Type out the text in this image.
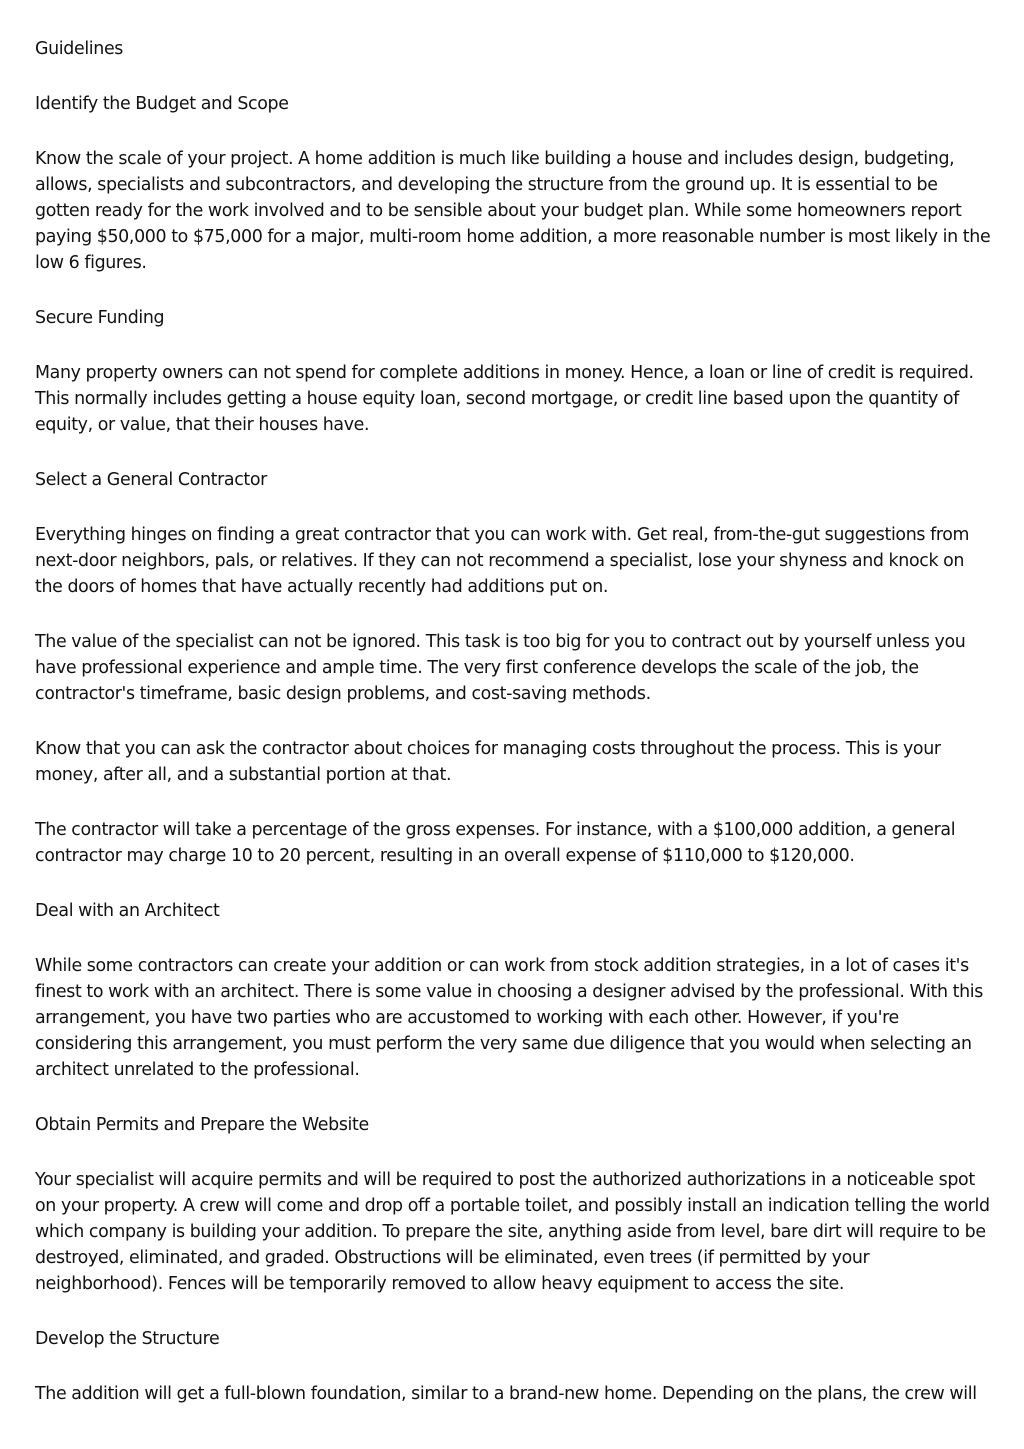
Guidelines

Identify the Budget and Scope

Know the scale of your project. A home addition is much like building a house and includes design, budgeting, allows, specialists and subcontractors, and developing the structure from the ground up. It is essential to be gotten ready for the work involved and to be sensible about your budget plan. While some homeowners report paying $50,000 to $75,000 for a major, multi-room home addition, a more reasonable number is most likely in the low 6 figures.

Secure Funding

Many property owners can not spend for complete additions in money. Hence, a loan or line of credit is required. This normally includes getting a house equity loan, second mortgage, or credit line based upon the quantity of equity, or value, that their houses have.

Select a General Contractor

Everything hinges on finding a great contractor that you can work with. Get real, from-the-gut suggestions from next-door neighbors, pals, or relatives. If they can not recommend a specialist, lose your shyness and knock on the doors of homes that have actually recently had additions put on.

The value of the specialist can not be ignored. This task is too big for you to contract out by yourself unless you have professional experience and ample time. The very first conference develops the scale of the job, the contractor's timeframe, basic design problems, and cost-saving methods.

Know that you can ask the contractor about choices for managing costs throughout the process. This is your money, after all, and a substantial portion at that.

The contractor will take a percentage of the gross expenses. For instance, with a $100,000 addition, a general contractor may charge 10 to 20 percent, resulting in an overall expense of $110,000 to $120,000.

Deal with an Architect

While some contractors can create your addition or can work from stock addition strategies, in a lot of cases it's finest to work with an architect. There is some value in choosing a designer advised by the professional. With this arrangement, you have two parties who are accustomed to working with each other. However, if you're considering this arrangement, you must perform the very same due diligence that you would when selecting an architect unrelated to the professional.

Obtain Permits and Prepare the Website

Your specialist will acquire permits and will be required to post the authorized authorizations in a noticeable spot on your property. A crew will come and drop off a portable toilet, and possibly install an indication telling the world which company is building your addition. To prepare the site, anything aside from level, bare dirt will require to be destroyed, eliminated, and graded. Obstructions will be eliminated, even trees (if permitted by your neighborhood). Fences will be temporarily removed to allow heavy equipment to access the site.

Develop the Structure

The addition will get a full-blown foundation, similar to a brand-new home. Depending on the plans, the crew will
